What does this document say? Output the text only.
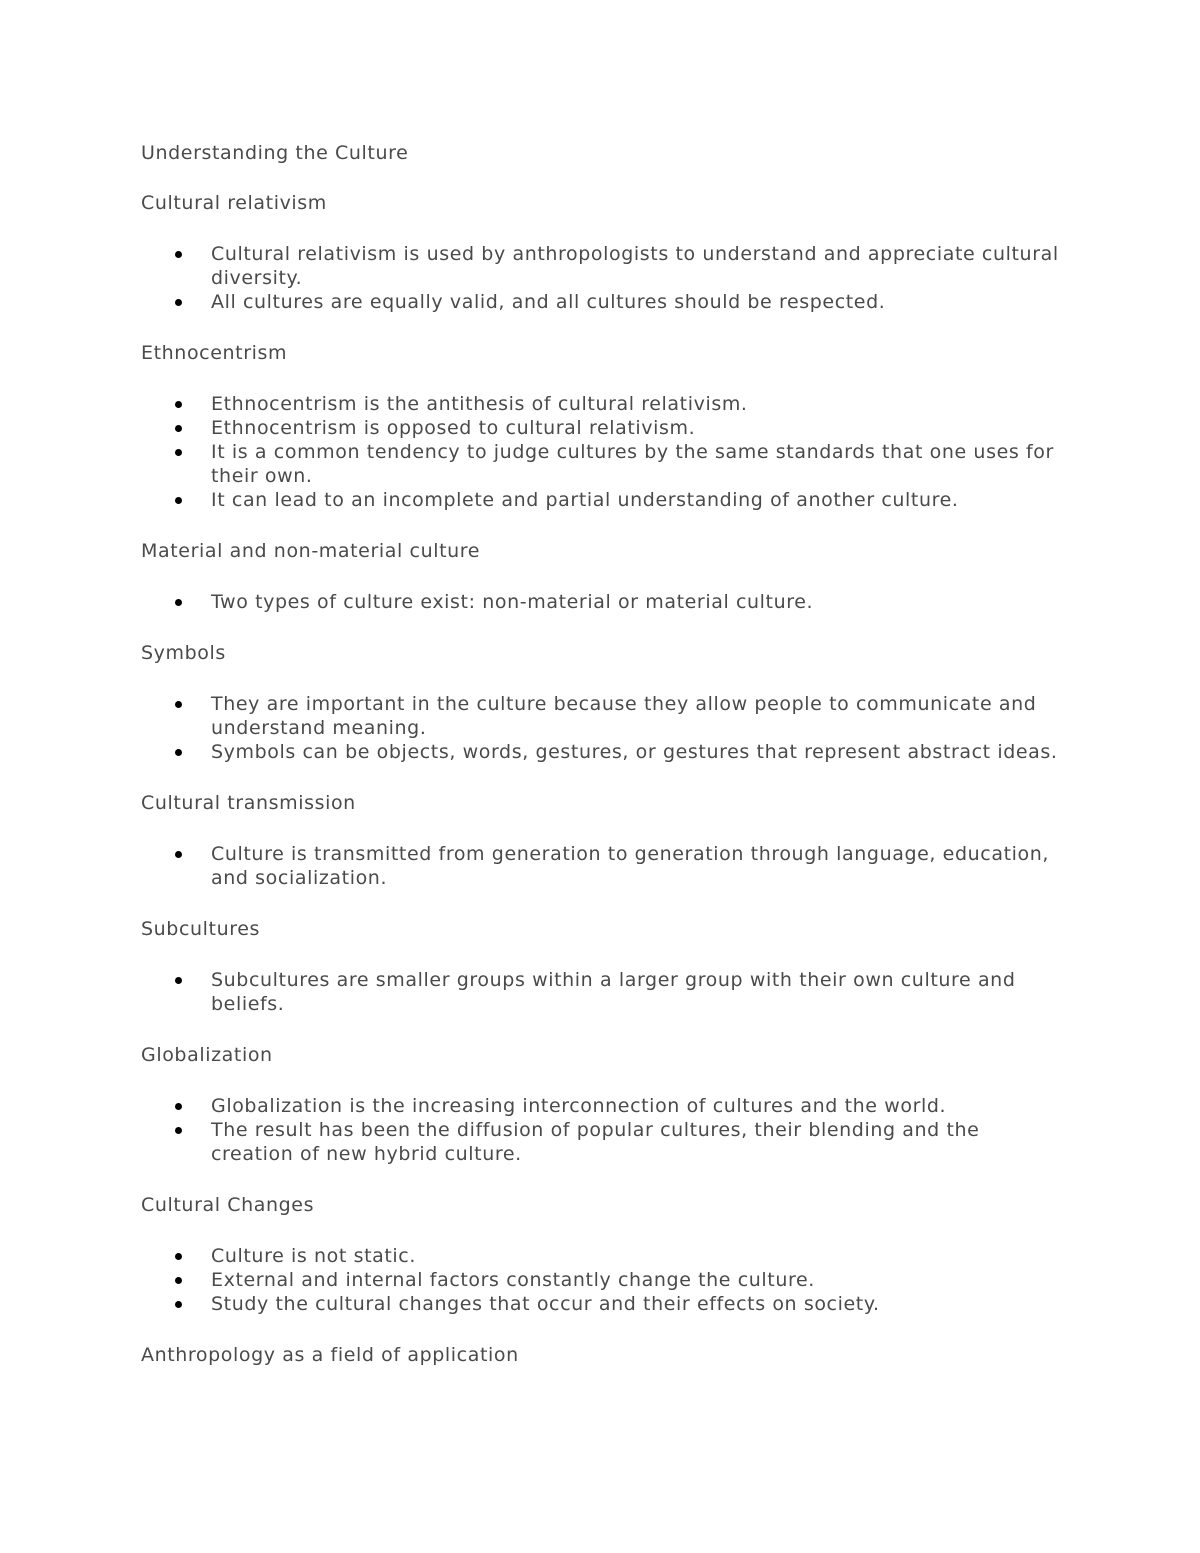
Understanding the Culture
Cultural relativism
Cultural relativism is used by anthropologists to understand and appreciate cultural diversity.
All cultures are equally valid, and all cultures should be respected.
Ethnocentrism
Ethnocentrism is the antithesis of cultural relativism.
Ethnocentrism is opposed to cultural relativism.
It is a common tendency to judge cultures by the same standards that one uses for their own.
It can lead to an incomplete and partial understanding of another culture.
Material and non-material culture
Two types of culture exist: non-material or material culture.
Symbols
They are important in the culture because they allow people to communicate and understand meaning.
Symbols can be objects, words, gestures, or gestures that represent abstract ideas.
Cultural transmission
Culture is transmitted from generation to generation through language, education, and socialization.
Subcultures
Subcultures are smaller groups within a larger group with their own culture and beliefs.
Globalization
Globalization is the increasing interconnection of cultures and the world.
The result has been the diffusion of popular cultures, their blending and the creation of new hybrid culture.
Cultural Changes
Culture is not static.
External and internal factors constantly change the culture.
Study the cultural changes that occur and their effects on society.
Anthropology as a field of application
